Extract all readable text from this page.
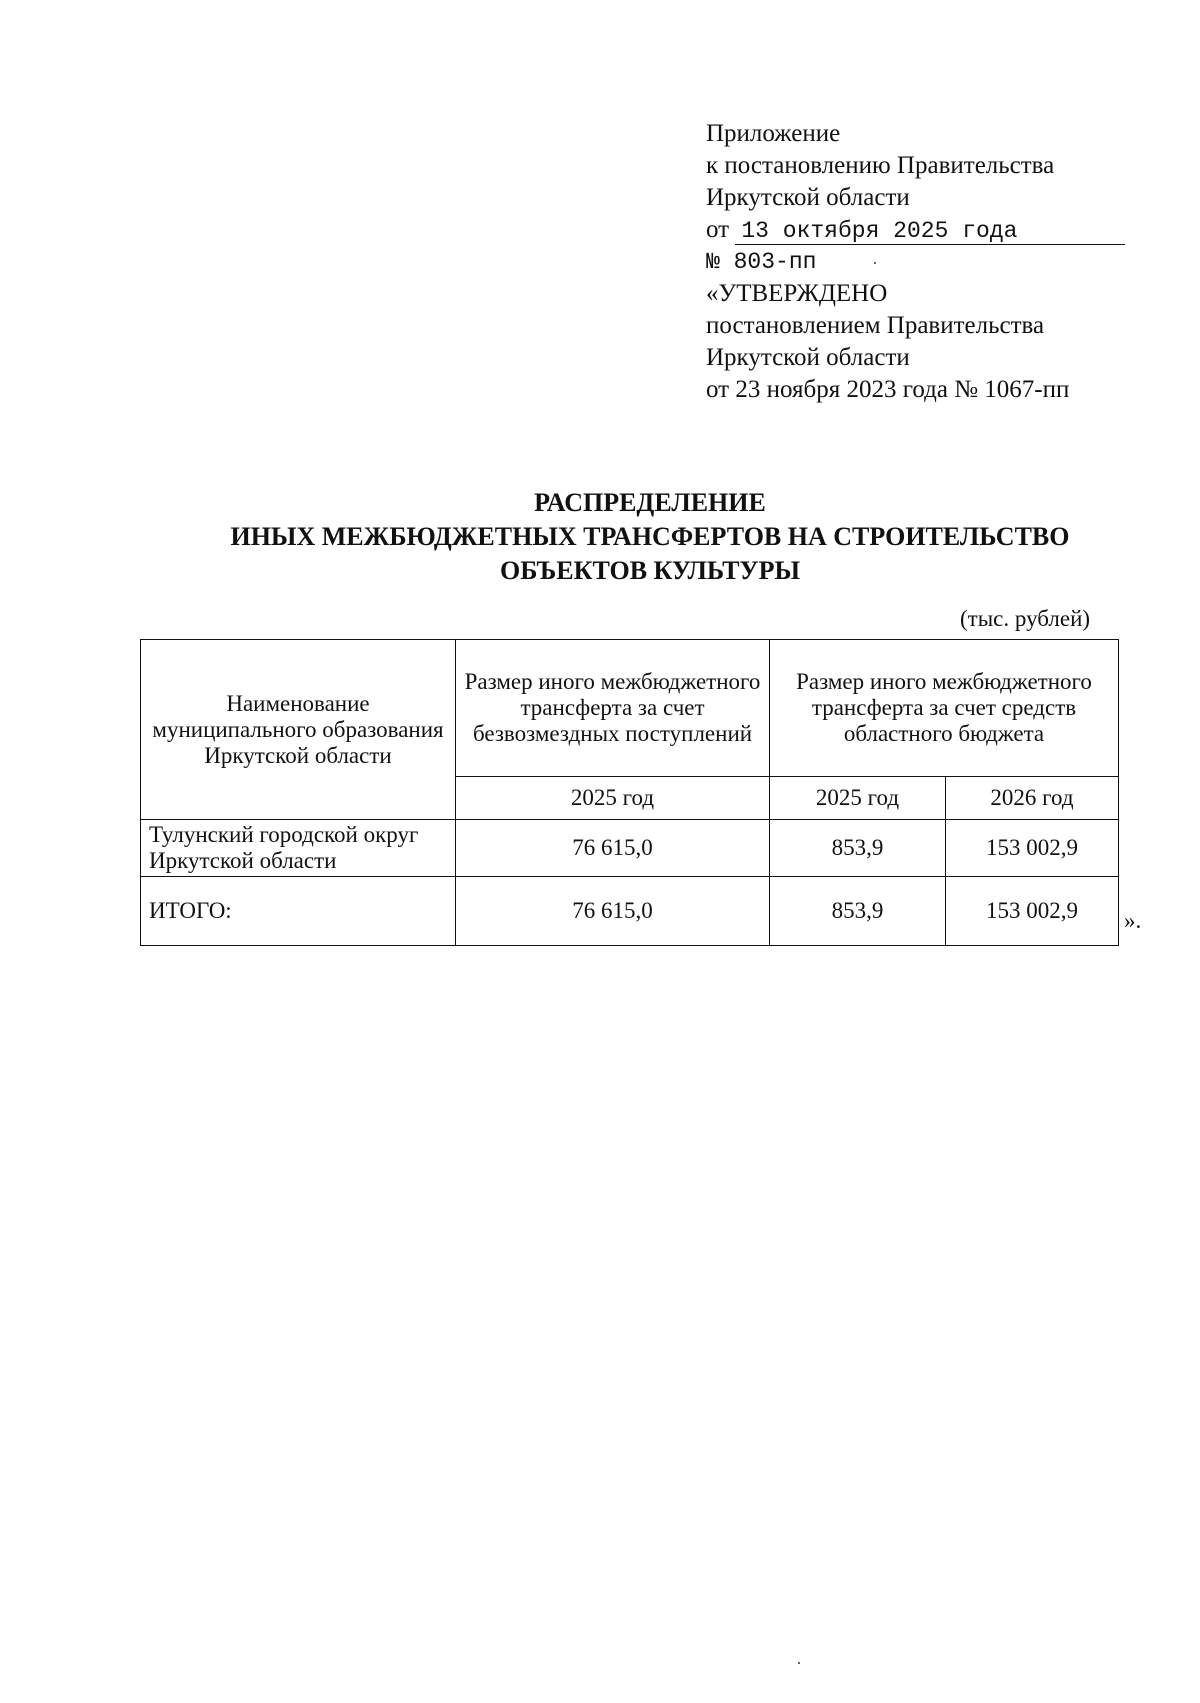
Приложение
к постановлению Правительства
Иркутской области
от 13 октября 2025 года
№ 803-пп
«УТВЕРЖДЕНО
постановлением Правительства
Иркутской области
от 23 ноября 2023 года № 1067-пп
РАСПРЕДЕЛЕНИЕ
ИНЫХ МЕЖБЮДЖЕТНЫХ ТРАНСФЕРТОВ НА СТРОИТЕЛЬСТВО
ОБЪЕКТОВ КУЛЬТУРЫ
(тыс. рублей)
Наименование муниципального образования Иркутской области	Размер иного межбюджетного трансферта за счет безвозмездных поступлений	Размер иного межбюджетного трансферта за счет средств областного бюджета	
	2025 год	2025 год	2026 год
Тулунский городской округ Иркутской области	76 615,0	853,9	153 002,9
ИТОГО:	76 615,0	853,9	153 002,9 ».
